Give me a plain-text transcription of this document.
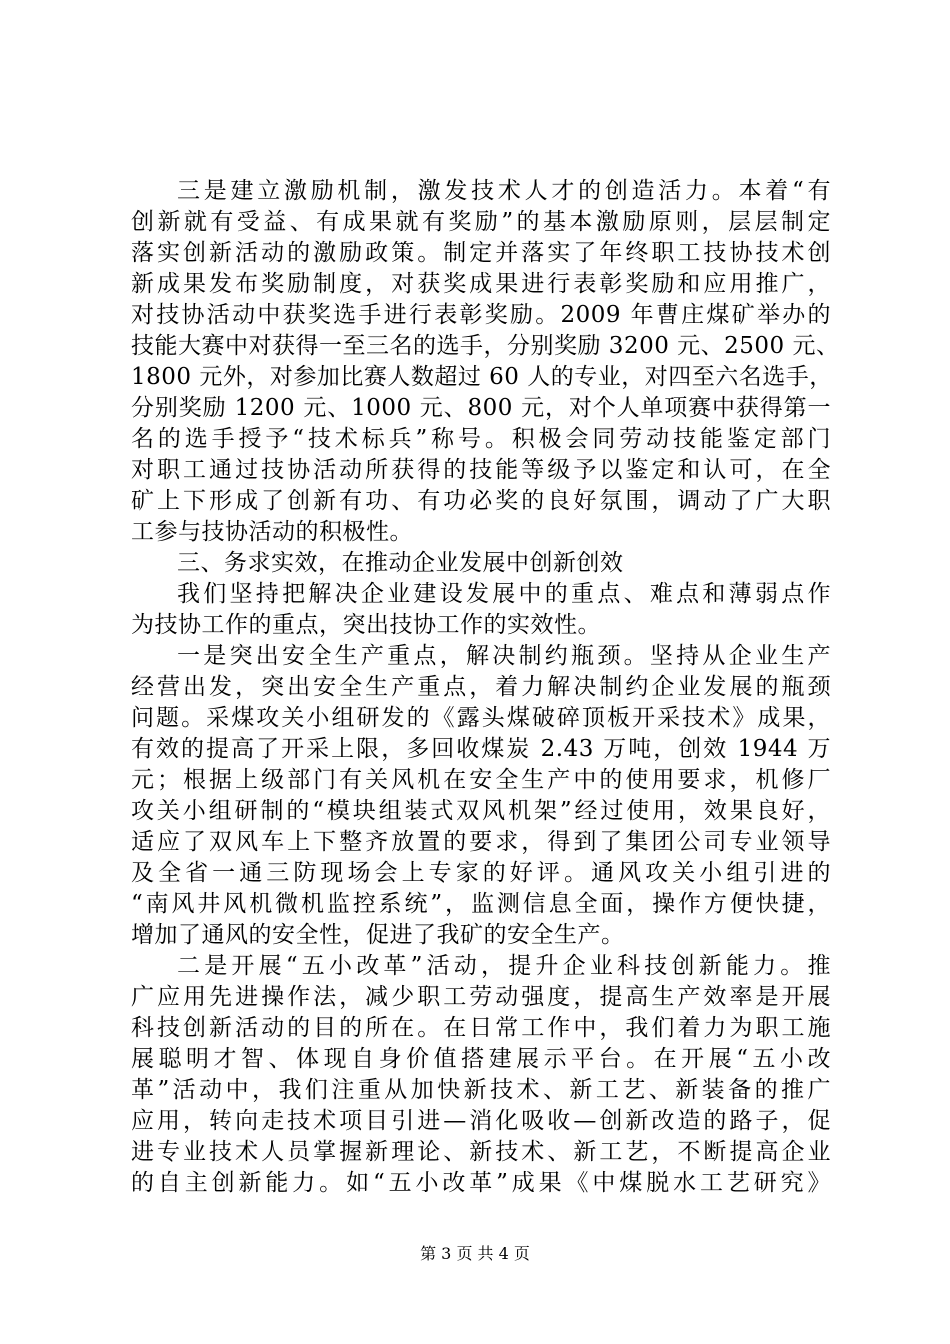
三是建立激励机制，激发技术人才的创造活力。本着“有
创新就有受益、有成果就有奖励”的基本激励原则，层层制定
落实创新活动的激励政策。制定并落实了年终职工技协技术创
新成果发布奖励制度，对获奖成果进行表彰奖励和应用推广，
对技协活动中获奖选手进行表彰奖励。2009 年曹庄煤矿举办的
技能大赛中对获得一至三名的选手，分别奖励 3200 元、2500 元、
1800 元外，对参加比赛人数超过 60 人的专业，对四至六名选手，
分别奖励 1200 元、1000 元、800 元，对个人单项赛中获得第一
名的选手授予“技术标兵”称号。积极会同劳动技能鉴定部门
对职工通过技协活动所获得的技能等级予以鉴定和认可，在全
矿上下形成了创新有功、有功必奖的良好氛围，调动了广大职
工参与技协活动的积极性。
三、务求实效，在推动企业发展中创新创效
我们坚持把解决企业建设发展中的重点、难点和薄弱点作
为技协工作的重点，突出技协工作的实效性。
一是突出安全生产重点，解决制约瓶颈。坚持从企业生产
经营出发，突出安全生产重点，着力解决制约企业发展的瓶颈
问题。采煤攻关小组研发的《露头煤破碎顶板开采技术》成果，
有效的提高了开采上限，多回收煤炭 2.43 万吨，创效 1944 万
元；根据上级部门有关风机在安全生产中的使用要求，机修厂
攻关小组研制的“模块组装式双风机架”经过使用，效果良好，
适应了双风车上下整齐放置的要求，得到了集团公司专业领导
及全省一通三防现场会上专家的好评。通风攻关小组引进的
“南风井风机微机监控系统”，监测信息全面，操作方便快捷，
增加了通风的安全性，促进了我矿的安全生产。
二是开展“五小改革”活动，提升企业科技创新能力。推
广应用先进操作法，减少职工劳动强度，提高生产效率是开展
科技创新活动的目的所在。在日常工作中，我们着力为职工施
展聪明才智、体现自身价值搭建展示平台。在开展“五小改
革”活动中，我们注重从加快新技术、新工艺、新装备的推广
应用，转向走技术项目引进—消化吸收—创新改造的路子，促
进专业技术人员掌握新理论、新技术、新工艺，不断提高企业
的自主创新能力。如“五小改革”成果《中煤脱水工艺研究》
第 3 页 共 4 页
